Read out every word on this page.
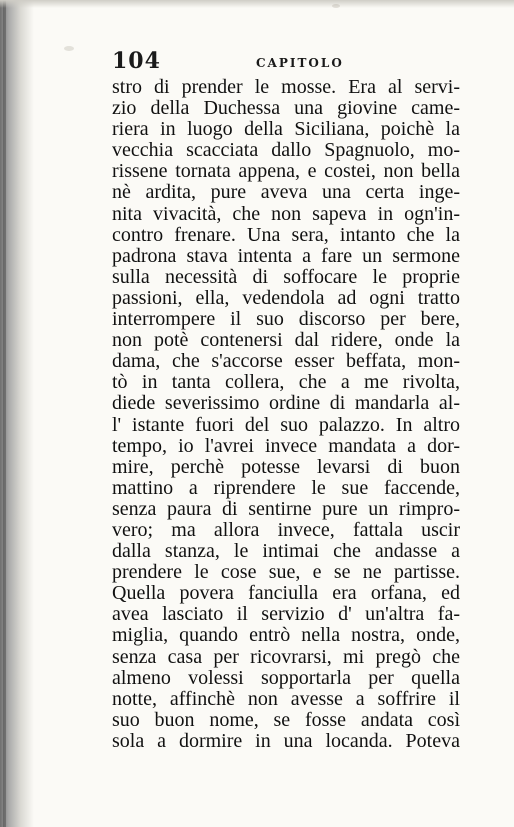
104	CAPITOLO
stro di prender le mosse. Era al servi-
zio della Duchessa una giovine came-
riera in luogo della Siciliana, poichè la
vecchia scacciata dallo Spagnuolo, mo-
rissene tornata appena, e costei, non bella
nè ardita, pure aveva una certa inge-
nita vivacità, che non sapeva in ogn'in-
contro frenare. Una sera, intanto che la
padrona stava intenta a fare un sermone
sulla necessità di soffocare le proprie
passioni, ella, vedendola ad ogni tratto
interrompere il suo discorso per bere,
non potè contenersi dal ridere, onde la
dama, che s'accorse esser beffata, mon-
tò in tanta collera, che a me rivolta,
diede severissimo ordine di mandarla al-
l' istante fuori del suo palazzo. In altro
tempo, io l'avrei invece mandata a dor-
mire, perchè potesse levarsi di buon
mattino a riprendere le sue faccende,
senza paura di sentirne pure un rimpro-
vero; ma allora invece, fattala uscir
dalla stanza, le intimai che andasse a
prendere le cose sue, e se ne partisse.
Quella povera fanciulla era orfana, ed
avea lasciato il servizio d' un'altra fa-
miglia, quando entrò nella nostra, onde,
senza casa per ricovrarsi, mi pregò che
almeno volessi sopportarla per quella
notte, affinchè non avesse a soffrire il
suo buon nome, se fosse andata così
sola a dormire in una locanda. Poteva
